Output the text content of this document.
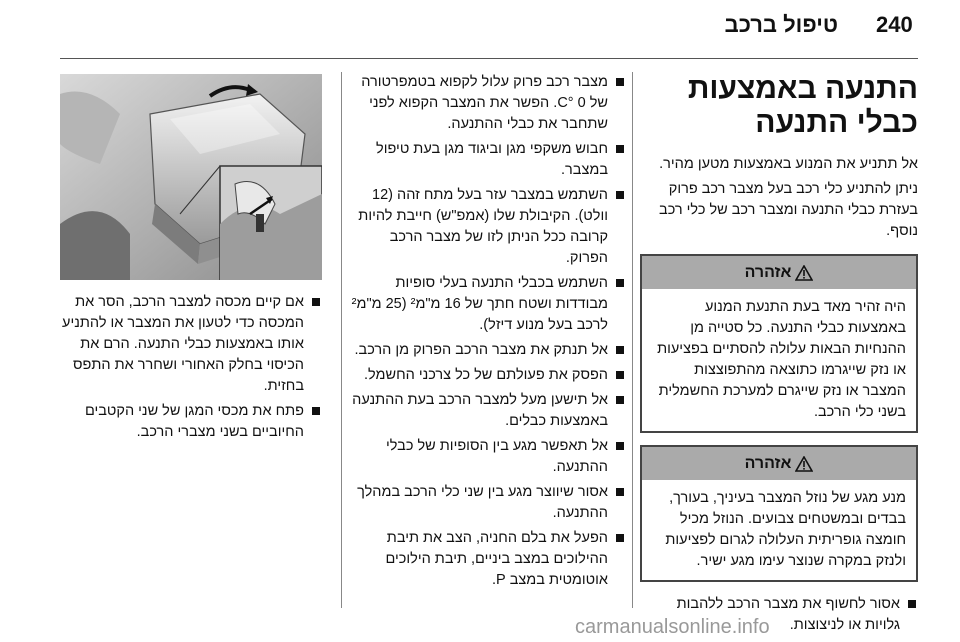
240
טיפול ברכב
התנעה באמצעות כבלי התנעה
אל תתניע את המנוע באמצעות מטען מהיר.
ניתן להתניע כלי רכב בעל מצבר רכב פרוק בעזרת כבלי התנעה ומצבר רכב של כלי רכב נוסף.
אזהרה
היה זהיר מאד בעת התנעת המנוע באמצעות כבלי התנעה. כל סטייה מן ההנחיות הבאות עלולה להסתיים בפציעות או נזק שייגרמו כתוצאה מהתפוצצות המצבר או נזק שייגרם למערכת החשמלית בשני כלי הרכב.
אזהרה
מנע מגע של נוזל המצבר בעיניך, בעורך, בבדים ובמשטחים צבועים. הנוזל מכיל חומצה גופריתית העלולה לגרום לפציעות ולנזק במקרה שנוצר עימו מגע ישיר.
אסור לחשוף את מצבר הרכב ללהבות גלויות או לניצוצות.
מצבר רכב פרוק עלול לקפוא בטמפרטורה של 0 °C. הפשר את המצבר הקפוא לפני שתחבר את כבלי ההתנעה.
חבוש משקפי מגן וביגוד מגן בעת טיפול במצבר.
השתמש במצבר עזר בעל מתח זהה (12 וולט). הקיבולת שלו (אמפ"ש) חייבת להיות קרובה ככל הניתן לזו של מצבר הרכב הפרוק.
השתמש בכבלי התנעה בעלי סופיות מבודדות ושטח חתך של 16 מ"מ² (25 מ"מ² לרכב בעל מנוע דיזל).
אל תנתק את מצבר הרכב הפרוק מן הרכב.
הפסק את פעולתם של כל צרכני החשמל.
אל תישען מעל למצבר הרכב בעת ההתנעה באמצעות כבלים.
אל תאפשר מגע בין הסופיות של כבלי ההתנעה.
אסור שיווצר מגע בין שני כלי הרכב במהלך ההתנעה.
הפעל את בלם החניה, הצב את תיבת ההילוכים במצב ביניים, תיבת הילוכים אוטומטית במצב P.
אם קיים מכסה למצבר הרכב, הסר את המכסה כדי לטעון את המצבר או להתניע אותו באמצעות כבלי התנעה. הרם את הכיסוי בחלק האחורי ושחרר את התפס בחזית.
פתח את מכסי המגן של שני הקטבים החיוביים בשני מצברי הרכב.
carmanualsonline.info
